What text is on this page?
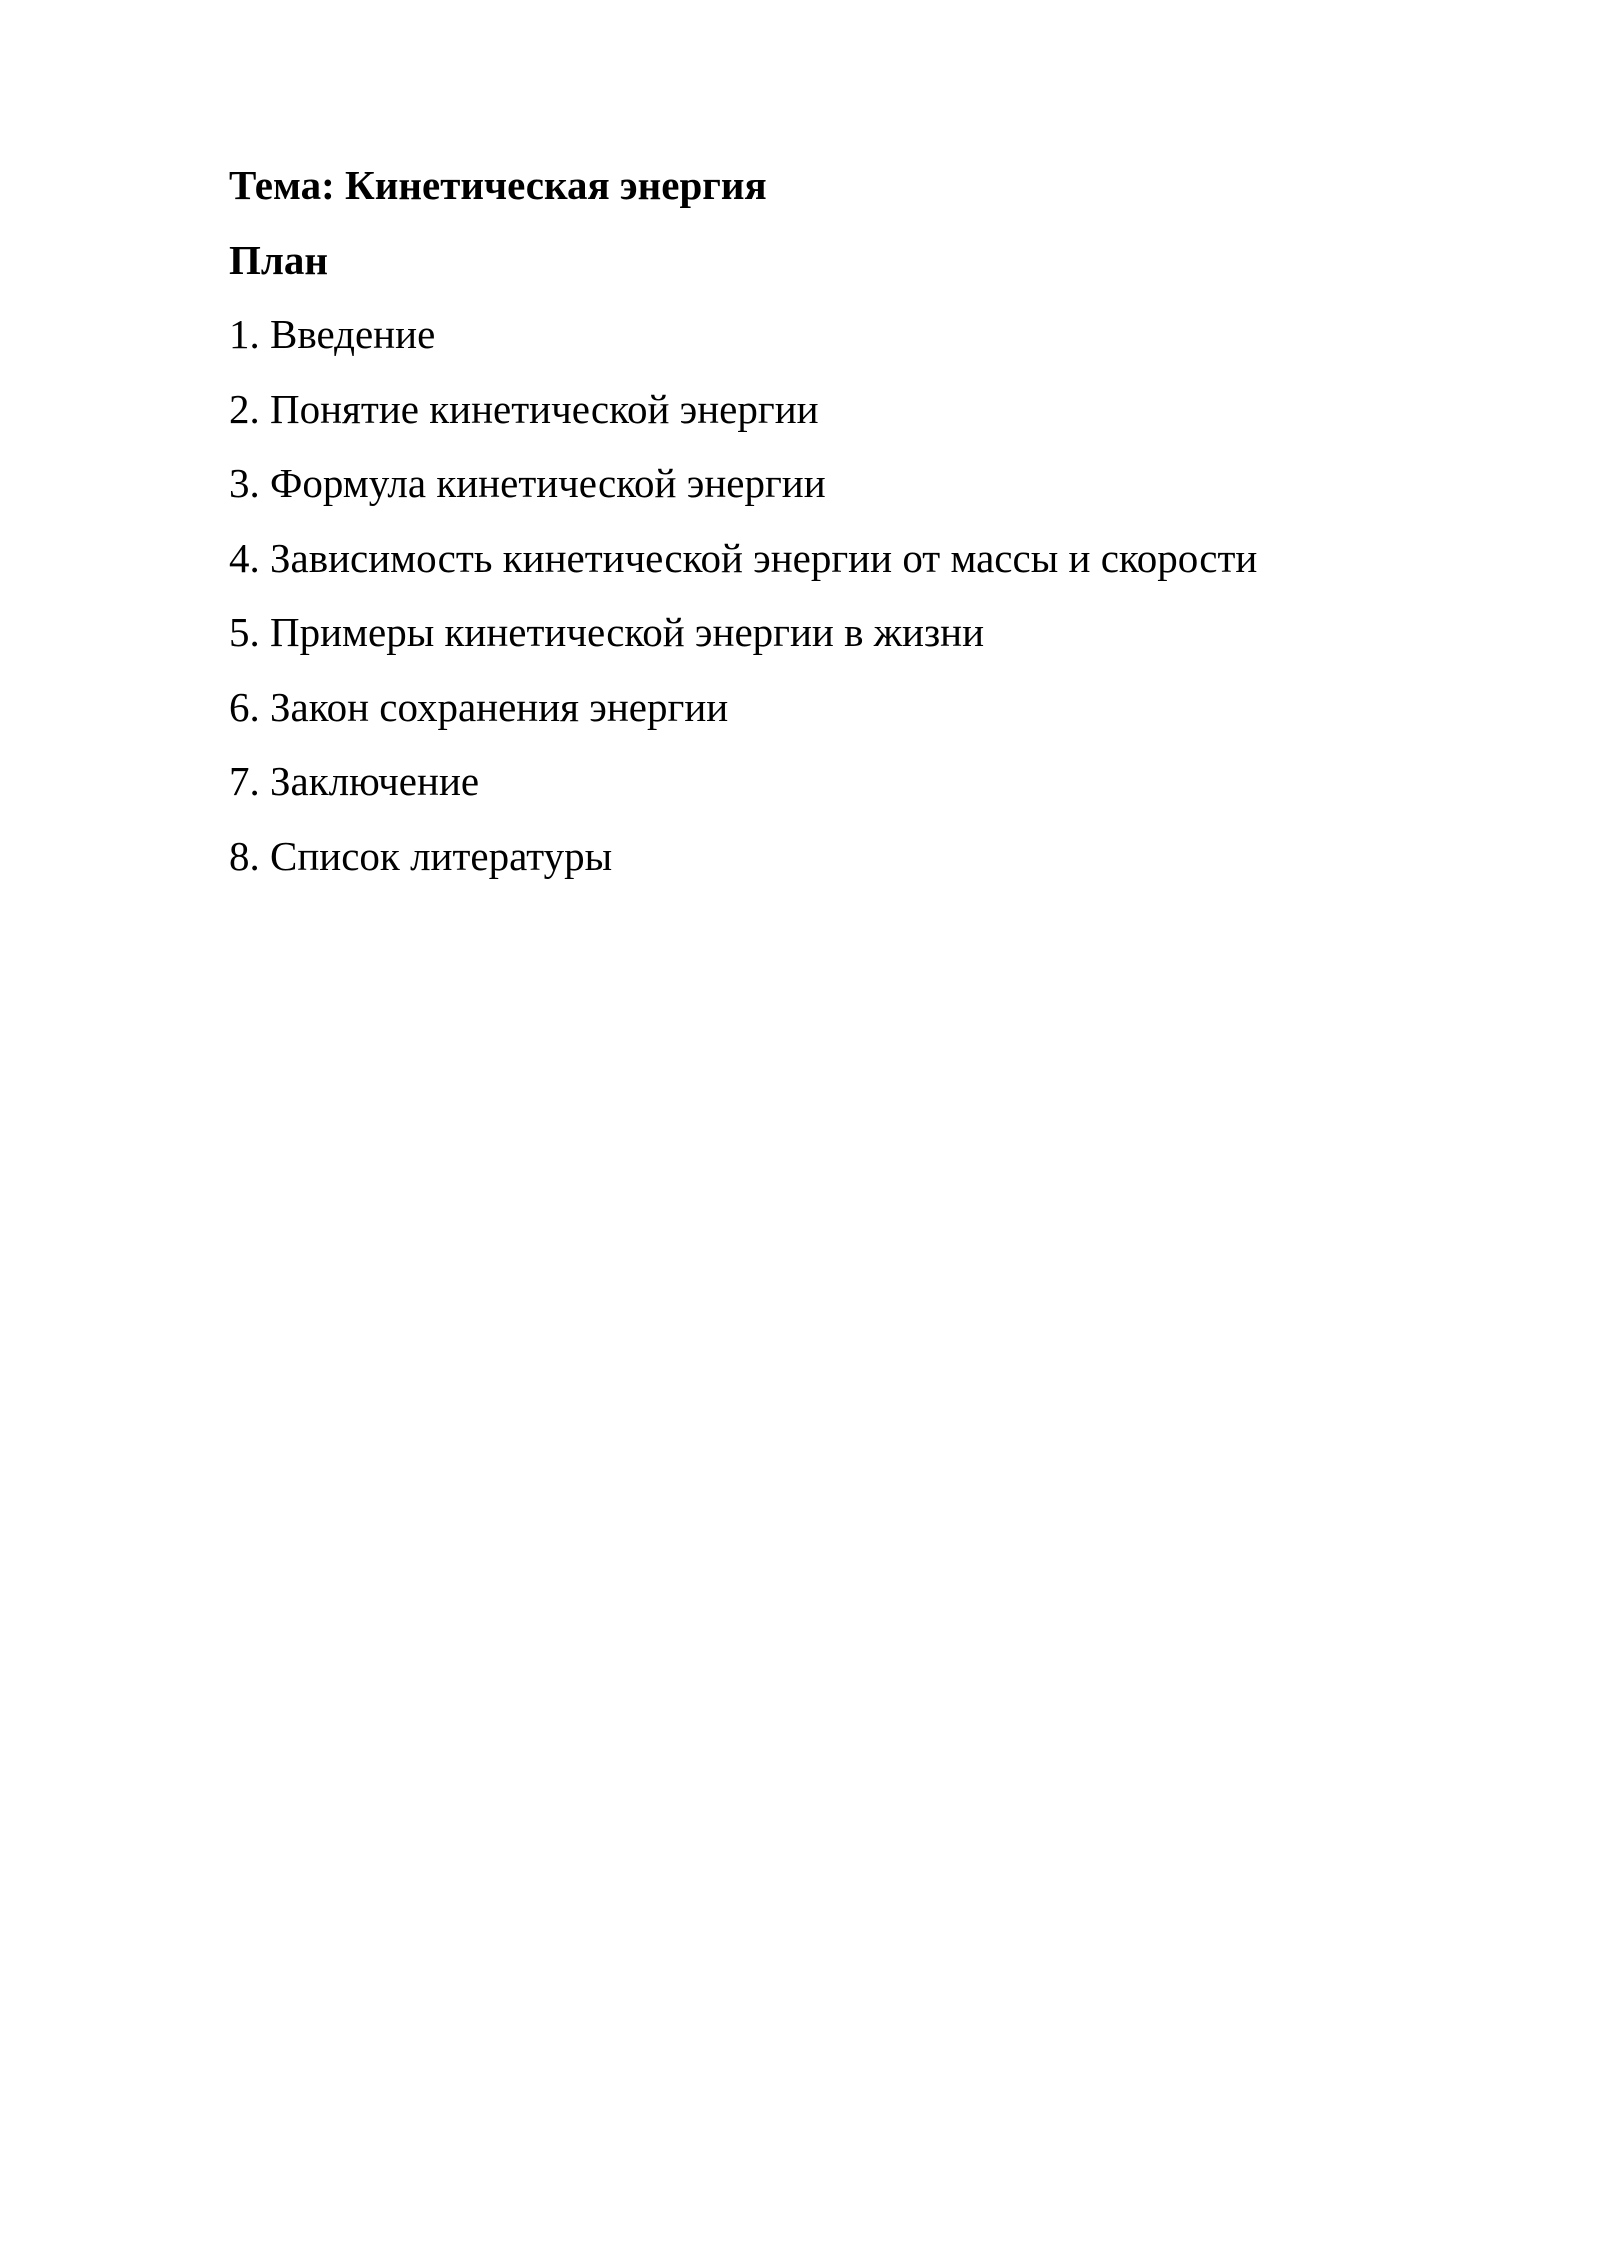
Тема: Кинетическая энергия
План
1. Введение
2. Понятие кинетической энергии
3. Формула кинетической энергии
4. Зависимость кинетической энергии от массы и скорости
5. Примеры кинетической энергии в жизни
6. Закон сохранения энергии
7. Заключение
8. Список литературы
